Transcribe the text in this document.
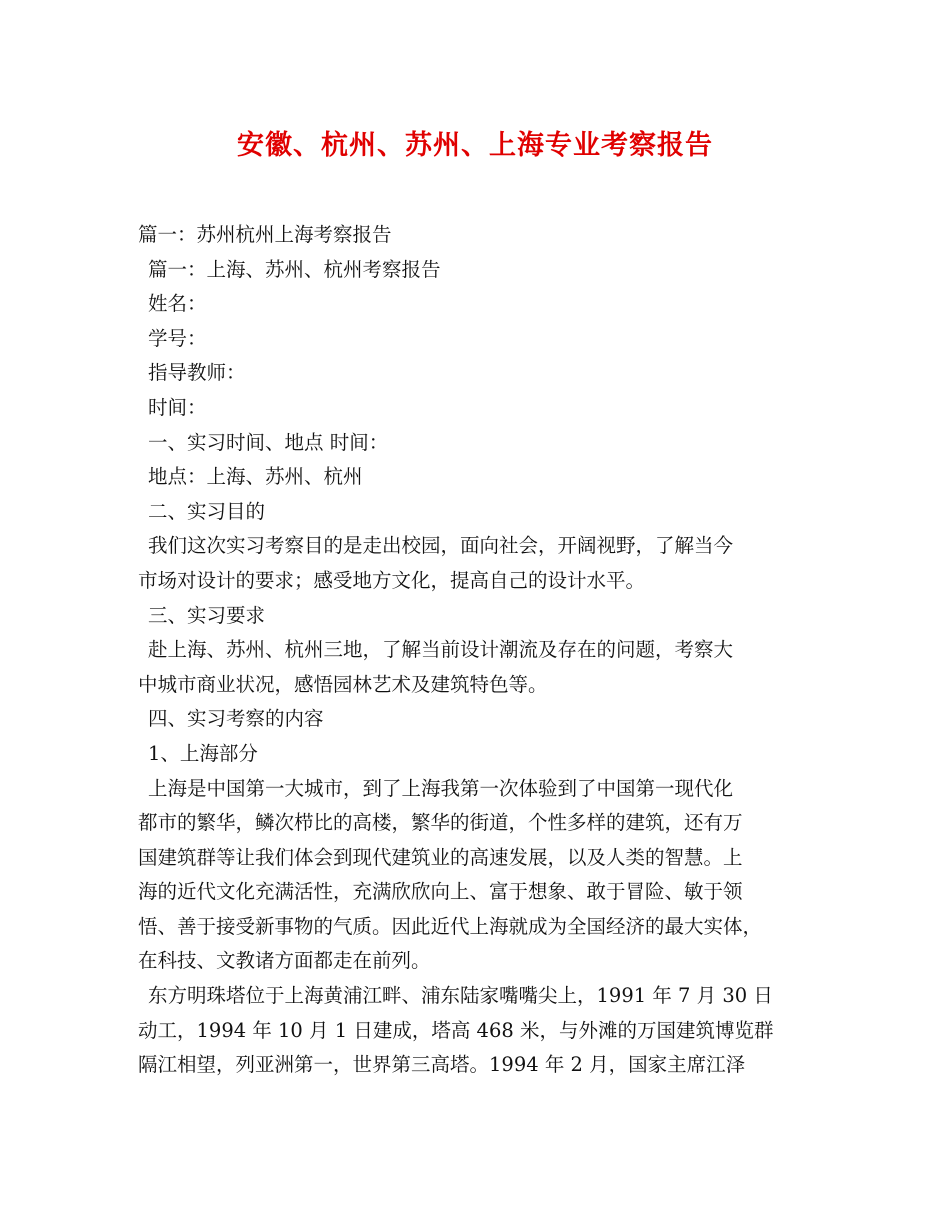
安徽、杭州、苏州、上海专业考察报告

篇一：苏州杭州上海考察报告

篇一：上海、苏州、杭州考察报告

姓名：

学号：

指导教师：

时间：

一、实习时间、地点 时间：

地点：上海、苏州、杭州

二、实习目的

我们这次实习考察目的是走出校园，面向社会，开阔视野，了解当今

市场对设计的要求；感受地方文化，提高自己的设计水平。

三、实习要求

赴上海、苏州、杭州三地，了解当前设计潮流及存在的问题，考察大

中城市商业状况，感悟园林艺术及建筑特色等。

四、实习考察的内容

1、上海部分

上海是中国第一大城市，到了上海我第一次体验到了中国第一现代化

都市的繁华，鳞次栉比的高楼，繁华的街道，个性多样的建筑，还有万

国建筑群等让我们体会到现代建筑业的高速发展，以及人类的智慧。上

海的近代文化充满活性，充满欣欣向上、富于想象、敢于冒险、敏于领

悟、善于接受新事物的气质。因此近代上海就成为全国经济的最大实体，

在科技、文教诸方面都走在前列。

东方明珠塔位于上海黄浦江畔、浦东陆家嘴嘴尖上，1991 年 7 月 30 日

动工，1994 年 10 月 1 日建成，塔高 468 米，与外滩的万国建筑博览群

隔江相望，列亚洲第一，世界第三高塔。1994 年 2 月，国家主席江泽
